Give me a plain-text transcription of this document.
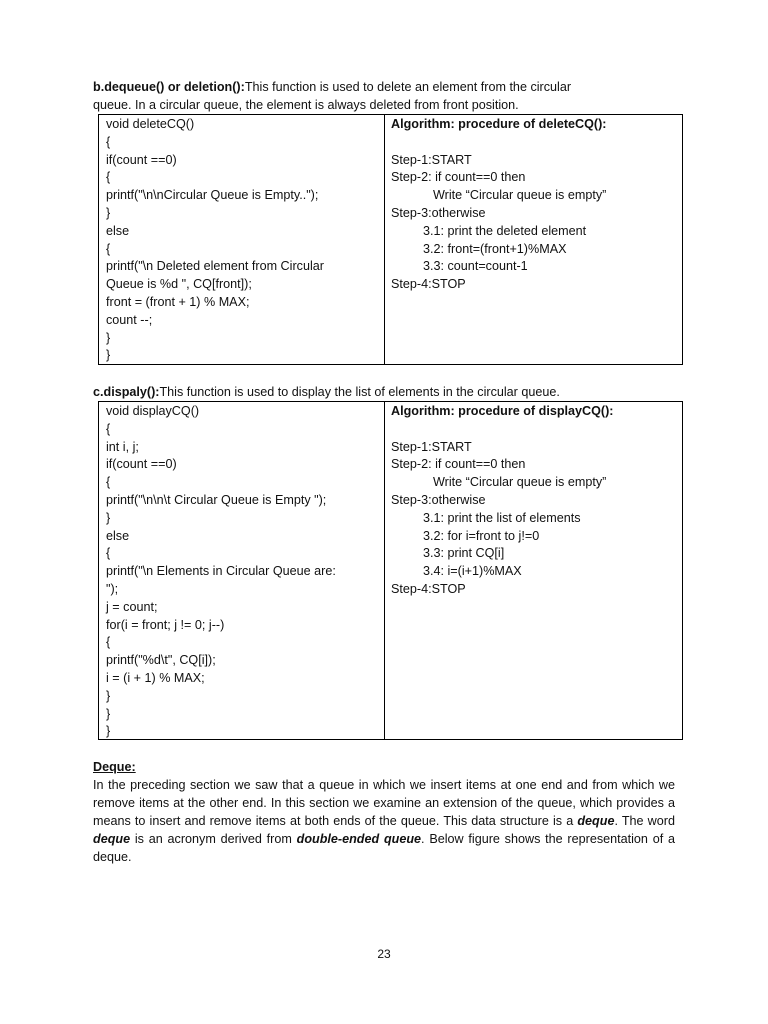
b.dequeue() or deletion():This function is used to delete an element from the circular
queue. In a circular queue, the element is always deleted from front position.
void deleteCQ()
{
if(count ==0)
{
printf("\n\nCircular Queue is Empty..");
}
else
{
printf("\n Deleted element from Circular
Queue is %d ", CQ[front]);
front = (front + 1) % MAX;
count --;
}
}
Algorithm: procedure of deleteCQ():
Step-1:START
Step-2: if count==0 then
Write “Circular queue is empty”
Step-3:otherwise
3.1: print the deleted element
3.2: front=(front+1)%MAX
3.3: count=count-1
Step-4:STOP
c.dispaly():This function is used to display the list of elements in the circular queue.
void displayCQ()
{
int i, j;
if(count ==0)
{
printf("\n\n\t Circular Queue is Empty ");
}
else
{
printf("\n Elements in Circular Queue are:
");
j = count;
for(i = front; j != 0; j--)
{
printf("%d\t", CQ[i]);
i = (i + 1) % MAX;
}
}
}
Algorithm: procedure of displayCQ():
Step-1:START
Step-2: if count==0 then
Write “Circular queue is empty”
Step-3:otherwise
3.1: print the list of elements
3.2: for i=front to j!=0
3.3: print CQ[i]
3.4: i=(i+1)%MAX
Step-4:STOP
Deque:
In the preceding section we saw that a queue in which we insert items at one end and from which we remove items at the other end. In this section we examine an extension of the queue, which provides a means to insert and remove items at both ends of the queue. This data structure is a deque. The word deque is an acronym derived from double-ended queue. Below figure shows the representation of a deque.
23
